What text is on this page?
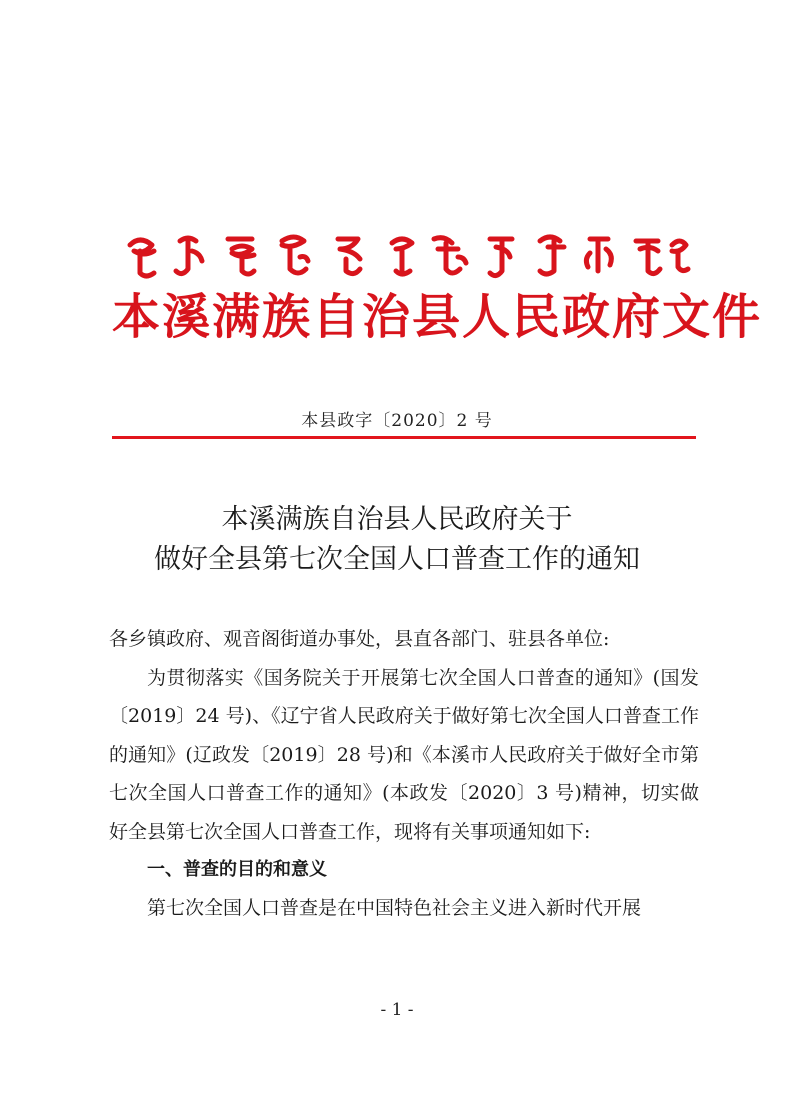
本溪满族自治县人民政府文件
本县政字〔2020〕2 号
本溪满族自治县人民政府关于
做好全县第七次全国人口普查工作的通知

各乡镇政府、观音阁街道办事处，县直各部门、驻县各单位:

为贯彻落实《国务院关于开展第七次全国人口普查的通知》(国发〔2019〕24 号)、《辽宁省人民政府关于做好第七次全国人口普查工作的通知》(辽政发〔2019〕28 号)和《本溪市人民政府关于做好全市第七次全国人口普查工作的通知》(本政发〔2020〕3 号)精神，切实做好全县第七次全国人口普查工作，现将有关事项通知如下:

一、普查的目的和意义

第七次全国人口普查是在中国特色社会主义进入新时代开展

- 1 -
